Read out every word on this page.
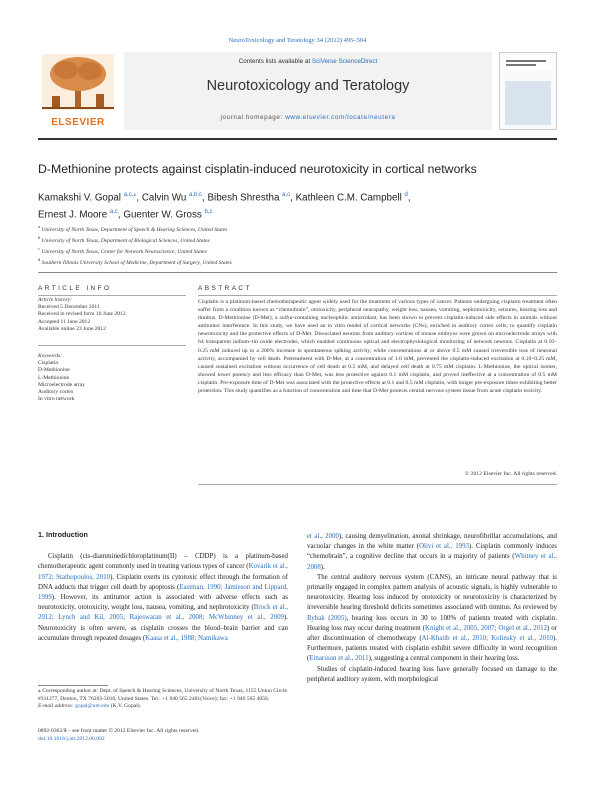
NeuroToxicology and Teratology 34 (2012) 495–504
ELSEVIER
Contents lists available at SciVerse ScienceDirect
Neurotoxicology and Teratology
journal homepage: www.elsevier.com/locate/neutera
D-Methionine protects against cisplatin-induced neurotoxicity in cortical networks
Kamakshi V. Gopal $^{a,c,⁎}$, Calvin Wu $^{a,b,c}$, Bibesh Shrestha $^{a,c}$, Kathleen C.M. Campbell $^d$,
Ernest J. Moore $^{a,c}$, Guenter W. Gross $^{b,c}$
$^a$ University of North Texas, Department of Speech & Hearing Sciences, United States
$^b$ University of North Texas, Department of Biological Sciences, United States
$^c$ University of North Texas, Center for Network Neuroscience, United States
$^d$ Southern Illinois University School of Medicine, Department of Surgery, United States
ARTICLE INFO	ABSTRACT
Article history:
Received 5 December 2011
Received in revised form 10 June 2012
Accepted 11 June 2012
Available online 23 June 2012
Keywords:
Cisplatin
D-Methionine
L-Methionine
Microelectrode array
Auditory cortex
In vitro network
Cisplatin is a platinum-based chemotherapeutic agent widely used for the treatment of various types of cancer. Patients undergoing cisplatin treatment often suffer from a condition known as “chemobrain”, ototoxicity, peripheral neuropathy, weight loss, nausea, vomiting, nephrotoxicity, seizures, hearing loss and tinnitus. D-Methionine (D-Met), a sulfur-containing nucleophilic antioxidant, has been shown to prevent cisplatin-induced side effects in animals without antitumor interference. In this study, we have used an in vitro model of cortical networks (CNs), enriched in auditory cortex cells; to quantify cisplatin neurotoxicity and the protective effects of D-Met. Dissociated neurons from auditory cortices of mouse embryos were grown on microelectrode arrays with 64 transparent indium–tin oxide electrodes, which enabled continuous optical and electrophysiological monitoring of network neurons. Cisplatin at 0.10–0.25 mM induced up to a 200% increase in spontaneous spiking activity, while concentrations at or above 0.5 mM caused irreversible loss of neuronal activity, accompanied by cell death. Pretreatment with D-Met, at a concentration of 1.0 mM, prevented the cisplatin-induced excitation at 0.10–0.25 mM, caused sustained excitation without occurrence of cell death at 0.5 mM, and delayed cell death at 0.75 mM cisplatin. L-Methionine, the optical isomer, showed lower potency and less efficacy than D-Met, was less protective against 0.1 mM cisplatin, and proved ineffective at a concentration of 0.5 mM cisplatin. Pre-exposure time of D-Met was associated with the protective effects at 0.1 and 0.5 mM cisplatin, with longer pre-exposure times exhibiting better protection. This study quantifies as a function of concentration and time that D-Met protects central nervous system tissue from acute cisplatin toxicity.
© 2012 Elsevier Inc. All rights reserved.
1. Introduction
Cisplatin (cis-diamminedichloroplatinum(II) – CDDP) is a platinum-based chemotherapeutic agent commonly used in treating various types of cancer (Kovarik et al., 1972; Stathopoulos, 2010). Cisplatin exerts its cytotoxic effect through the formation of DNA adducts that trigger cell death by apoptosis (Eastman, 1990; Jamieson and Lippard, 1999). However, its antitumor action is associated with adverse effects such as neurotoxicity, ototoxicity, weight loss, nausea, vomiting, and nephrotoxicity (Brock et al., 2012; Lynch and Kil, 2005; Rajeswaran et al., 2008; McWhinney et al., 2009). Neurotoxicity is often severe, as cisplatin crosses the blood–brain barrier and can accumulate through repeated dosages (Kaasa et al., 1988; Namikawa
et al., 2000), causing demyelination, axonal shrinkage, neurofibrillar accumulations, and vacuolar changes in the white matter (Olivi et al., 1993). Cisplatin commonly induces “chemobrain”, a cognitive decline that occurs in a majority of patients (Whitney et al., 2008).
The central auditory nervous system (CANS), an intricate neural pathway that is primarily engaged in complex pattern analysis of acoustic signals, is highly vulnerable to neurotoxicity. Hearing loss induced by ototoxicity or neurotoxicity is characterized by irreversible hearing threshold deficits sometimes associated with tinnitus. As reviewed by Rybak (2005), hearing loss occurs in 30 to 100% of patients treated with cisplatin. Hearing loss may occur during treatment (Knight et al., 2005, 2007; Orgel et al., 2012) or after discontinuation of chemotherapy (Al-Khatib et al., 2010; Kolinsky et al., 2010). Furthermore, patients treated with cisplatin exhibit severe difficulty in word recognition (Einarsson et al., 2011), suggesting a central component in their hearing loss.
Studies of cisplatin-induced hearing loss have generally focused on damage to the peripheral auditory system, with morphological
⁎ Corresponding author at: Dept. of Speech & Hearing Sciences, University of North Texas, 1155 Union Circle #311277, Denton, TX 76203-5010, United States. Tel.: +1 940 565 2481(Voice); fax: +1 940 565 4058.
E-mail address: gopal@unt.edu (K.V. Gopal).
0892-0362/$ – see front matter © 2012 Elsevier Inc. All rights reserved.
doi:10.1016/j.ntt.2012.06.002
